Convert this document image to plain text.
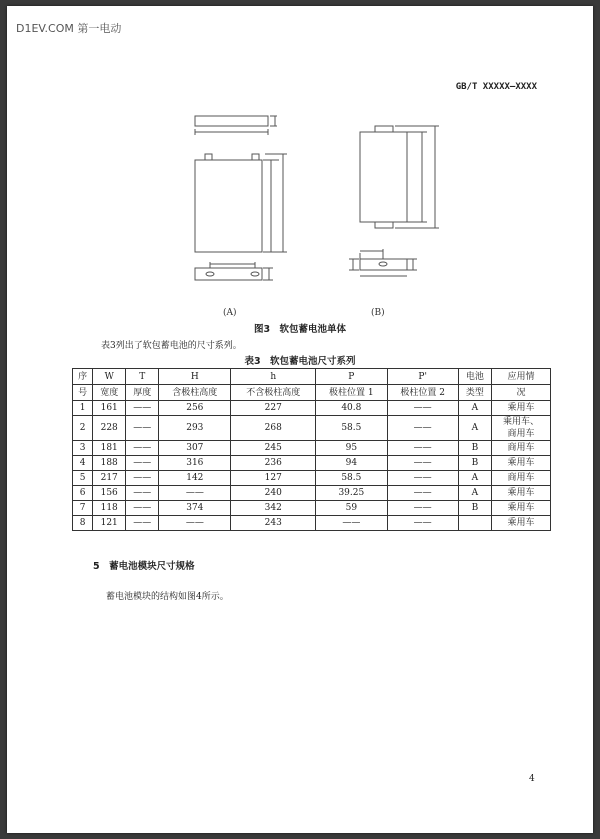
D1EV.COM 第一电动
GB/T XXXXX—XXXX
(A)	(B)
图3　软包蓄电池单体
表3列出了软包蓄电池的尺寸系列。
表3　软包蓄电池尺寸系列
序	W	T	H	h	P	P'	电池	应用情
号	宽度	厚度	含极柱高度	不含极柱高度	极柱位置 1	极柱位置 2	类型	况
1	161	——	256	227	40.8	——	A	乘用车
2	228	——	293	268	58.5	——	A	乘用车、
商用车
3	181	——	307	245	95	——	B	商用车
4	188	——	316	236	94	——	B	乘用车
5	217	——	142	127	58.5	——	A	商用车
6	156	——	——	240	39.25	——	A	乘用车
7	118	——	374	342	59	——	B	乘用车
8	121	——	——	243	——	——		乘用车
5　蓄电池模块尺寸规格
蓄电池模块的结构如图4所示。
4
